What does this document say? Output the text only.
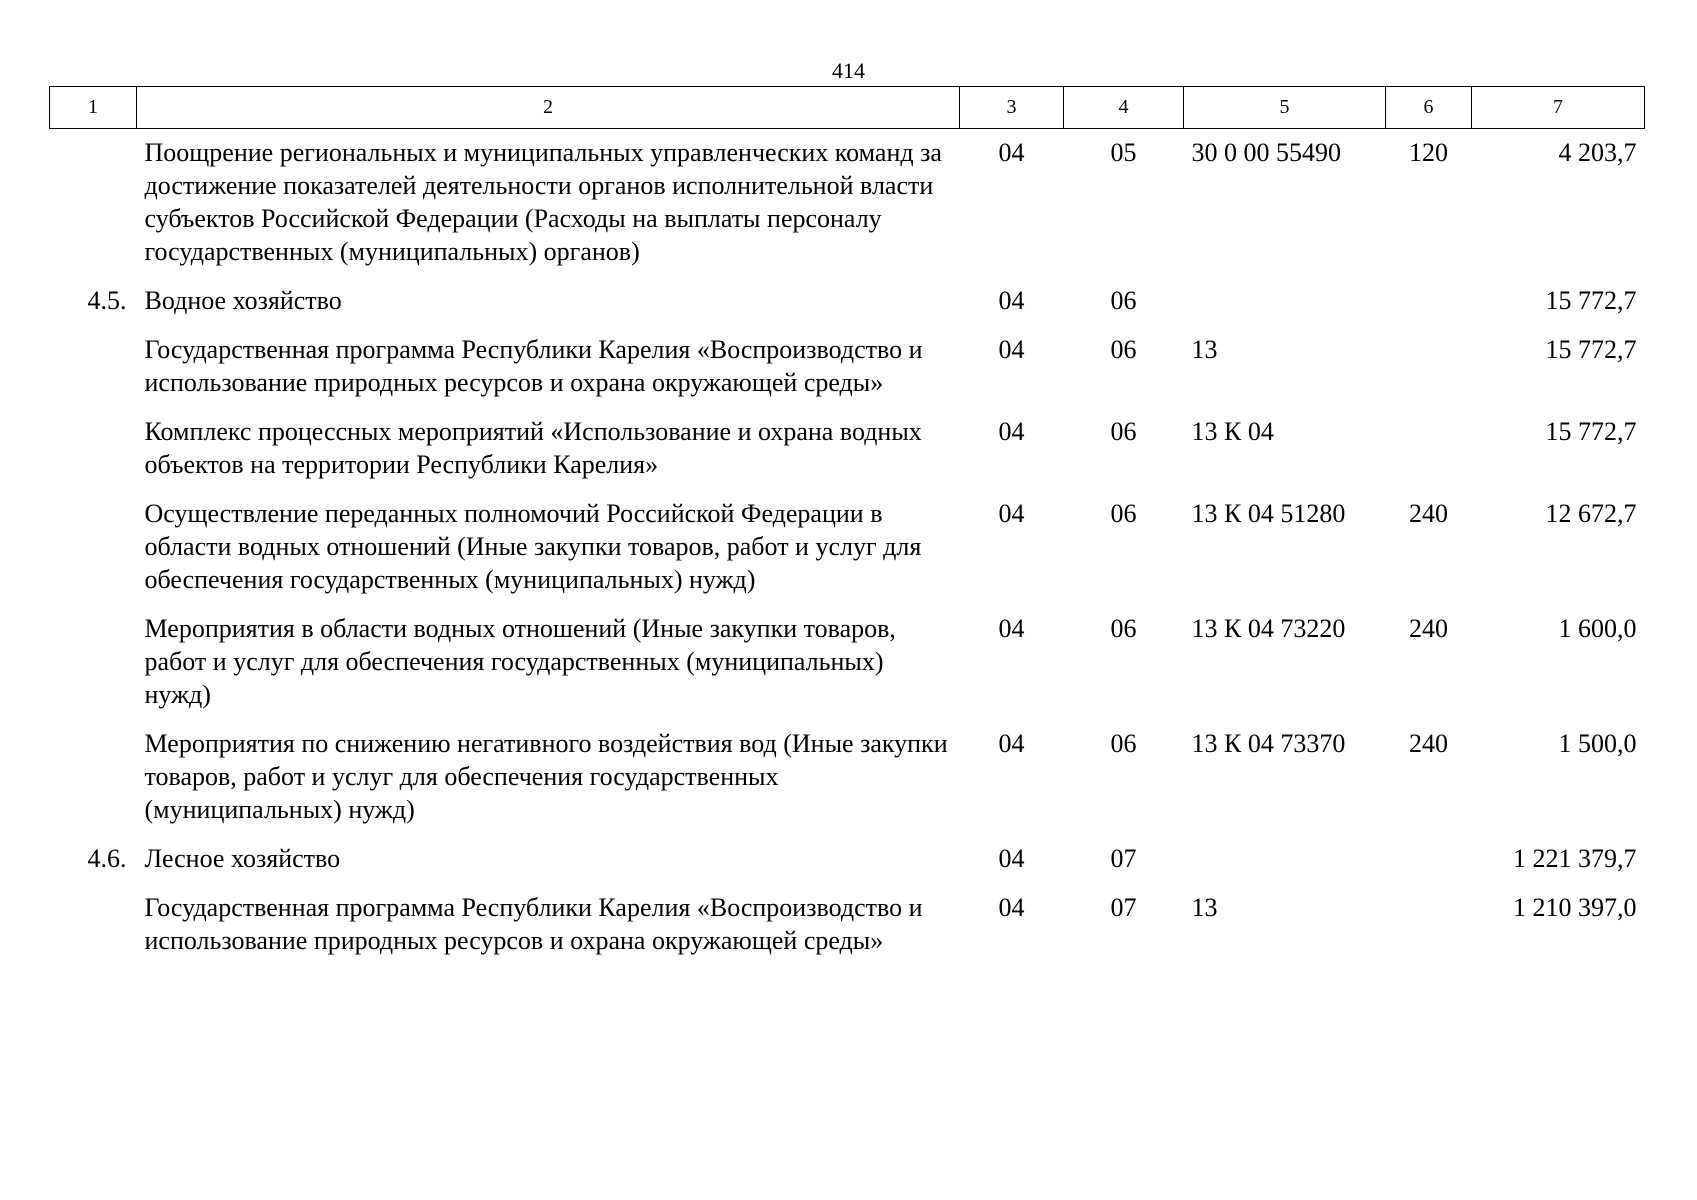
414
1	2	3	4	5	6	7
	Поощрение региональных и муниципальных управленческих команд за достижение показателей деятельности органов исполнительной власти субъектов Российской Федерации (Расходы на выплаты персоналу государственных (муниципальных) органов)	04	05	30 0 00 55490	120	4 203,7
4.5.	Водное хозяйство	04	06			15 772,7
	Государственная программа Республики Карелия «Воспроизводство и использование природных ресурсов и охрана окружающей среды»	04	06	13		15 772,7
	Комплекс процессных мероприятий «Использование и охрана водных объектов на территории Республики Карелия»	04	06	13 К 04		15 772,7
	Осуществление переданных полномочий Российской Федерации в области водных отношений (Иные закупки товаров, работ и услуг для обеспечения государственных (муниципальных) нужд)	04	06	13 К 04 51280	240	12 672,7
	Мероприятия в области водных отношений (Иные закупки товаров, работ и услуг для обеспечения государственных (муниципальных) нужд)	04	06	13 К 04 73220	240	1 600,0
	Мероприятия по снижению негативного воздействия вод (Иные закупки товаров, работ и услуг для обеспечения государственных (муниципальных) нужд)	04	06	13 К 04 73370	240	1 500,0
4.6.	Лесное хозяйство	04	07			1 221 379,7
	Государственная программа Республики Карелия «Воспроизводство и использование природных ресурсов и охрана окружающей среды»	04	07	13		1 210 397,0
